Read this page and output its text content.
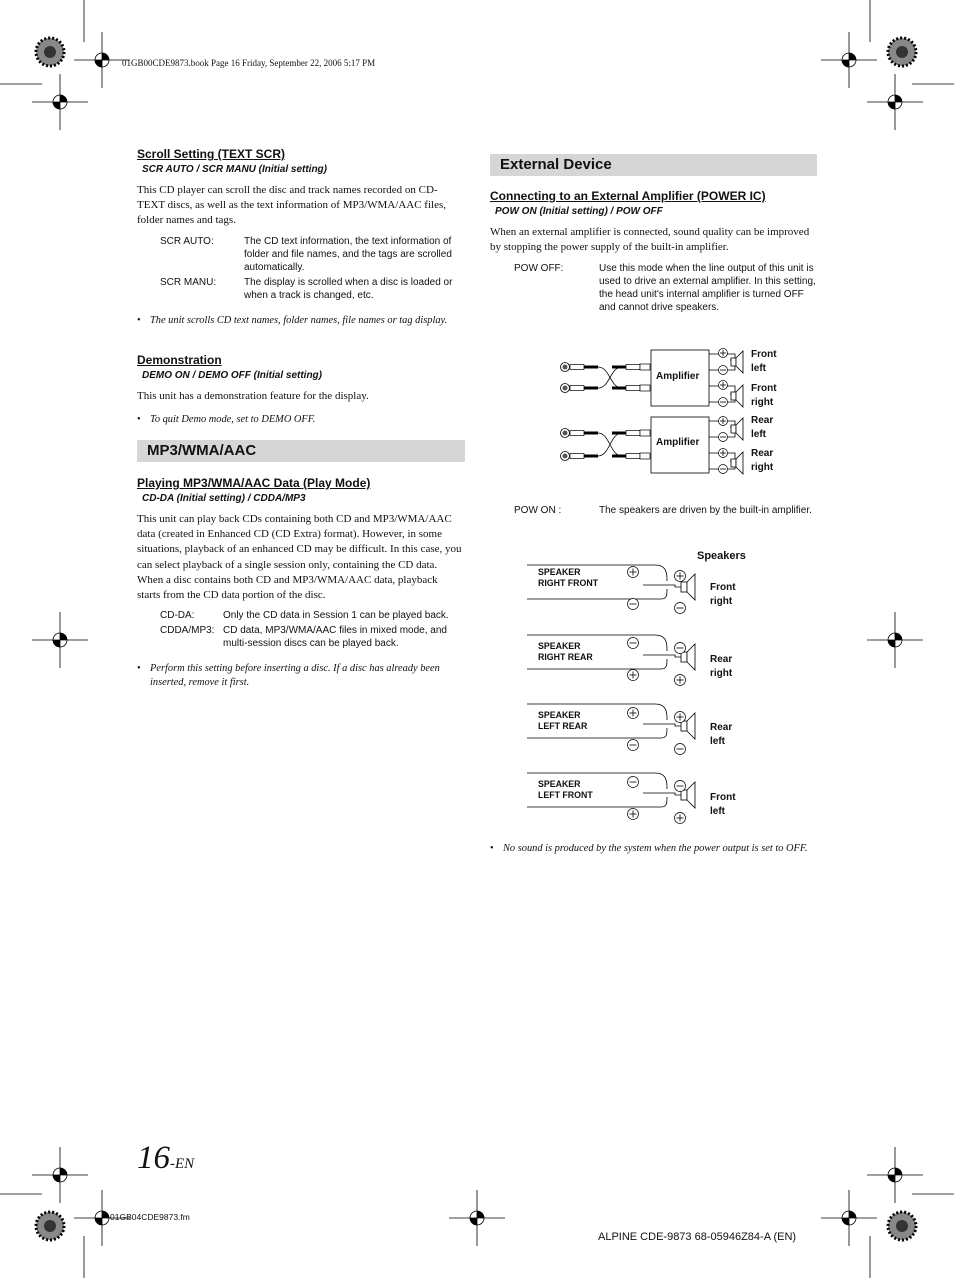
01GB00CDE9873.book Page 16 Friday, September 22, 2006 5:17 PM
Scroll Setting (TEXT SCR)
SCR AUTO / SCR MANU (Initial setting)
This CD player can scroll the disc and track names recorded on CD-TEXT discs, as well as the text information of MP3/WMA/AAC files, folder names and tags.
SCR AUTO:	The CD text information, the text information of folder and file names, and the tags are scrolled automatically.
SCR MANU:	The display is scrolled when a disc is loaded or when a track is changed, etc.
• The unit scrolls CD text names, folder names, file names or tag display.
Demonstration
DEMO ON / DEMO OFF (Initial setting)
This unit has a demonstration feature for the display.
• To quit Demo mode, set to DEMO OFF.
MP3/WMA/AAC
Playing MP3/WMA/AAC Data (Play Mode)
CD-DA (Initial setting) / CDDA/MP3
This unit can play back CDs containing both CD and MP3/WMA/AAC data (created in Enhanced CD (CD Extra) format). However, in some situations, playback of an enhanced CD may be difficult. In this case, you can select playback of a single session only, containing the CD data. When a disc contains both CD and MP3/WMA/AAC data, playback starts from the CD data portion of the disc.
CD-DA:	Only the CD data in Session 1 can be played back.
CDDA/MP3: CD data, MP3/WMA/AAC files in mixed mode, and multi-session discs can be played back.
• Perform this setting before inserting a disc. If a disc has already been inserted, remove it first.
External Device
Connecting to an External Amplifier (POWER IC)
POW ON (Initial setting) / POW OFF
When an external amplifier is connected, sound quality can be improved by stopping the power supply of the built-in amplifier.
POW OFF:	Use this mode when the line output of this unit is used to drive an external amplifier. In this setting, the head unit's internal amplifier is turned OFF and cannot drive speakers.
Amplifier
Amplifier
Front
left
Front
right
Rear
left
Rear
right
POW ON :	The speakers are driven by the built-in amplifier.
Speakers
SPEAKER
RIGHT FRONT	Front
right
SPEAKER
RIGHT REAR	Rear
right
SPEAKER
LEFT REAR	Rear
left
SPEAKER
LEFT FRONT	Front
left
• No sound is produced by the system when the power output is set to OFF.
16-EN
01GB04CDE9873.fm
ALPINE CDE-9873 68-05946Z84-A (EN)
